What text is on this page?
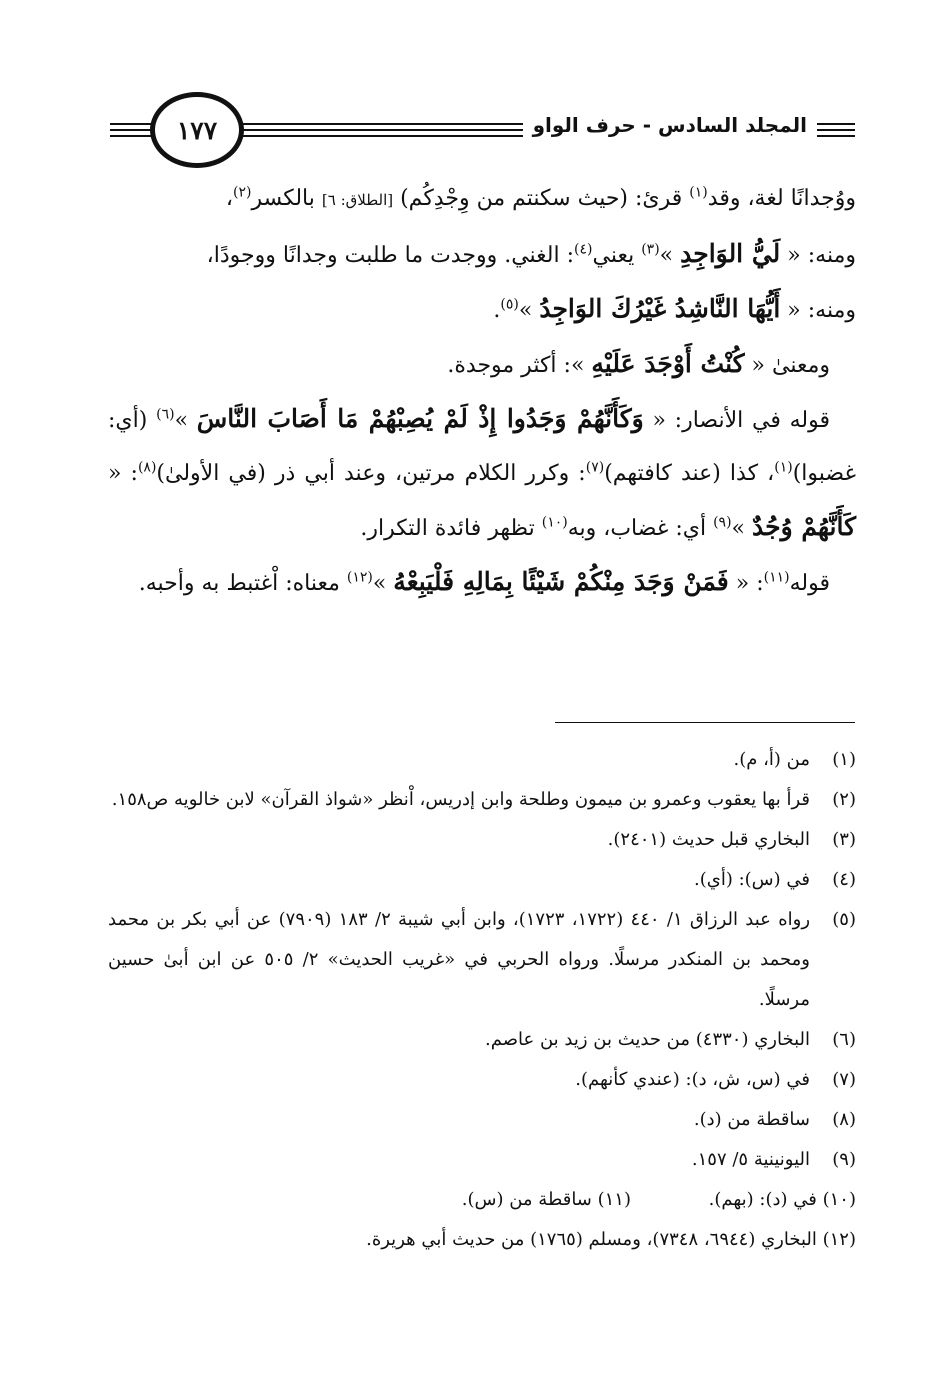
١٧٧	المجلد السادس - حرف الواو

ووُجدانًا لغة، وقد$^{(١)}$ قرئ: (حيث سكنتم من وِجْدِكُم) [الطلاق: ٦] بالكسر$^{(٢)}$،

ومنه: « لَيُّ الوَاجِدِ »$^{(٣)}$ يعني$^{(٤)}$: الغني. ووجدت ما طلبت وجدانًا ووجودًا،

ومنه: « أَيُّهَا النَّاشِدُ غَيْرُكَ الوَاجِدُ »$^{(٥)}$.

ومعنىٰ « كُنْتُ أَوْجَدَ عَلَيْهِ »: أكثر موجدة.

قوله في الأنصار: « وَكَأَنَّهُمْ وَجَدُوا إِذْ لَمْ يُصِبْهُمْ مَا أَصَابَ النَّاسَ »$^{(٦)}$ (أي: غضبوا)$^{(١)}$، كذا (عند كافتهم)$^{(٧)}$: وكرر الكلام مرتين، وعند أبي ذر (في الأولىٰ)$^{(٨)}$: « كَأَنَّهُمْ وُجُدٌ »$^{(٩)}$ أي: غضاب، وبه$^{(١٠)}$ تظهر فائدة التكرار.

قوله$^{(١١)}$: « فَمَنْ وَجَدَ مِنْكُمْ شَيْئًا بِمَالِهِ فَلْيَبِعْهُ »$^{(١٢)}$ معناه: اْغتبط به وأحبه.

(١)
من (أ، م).
(٢)
قرأ بها يعقوب وعمرو بن ميمون وطلحة وابن إدريس، اْنظر «شواذ القرآن» لابن خالويه ص١٥٨.
(٣)
البخاري قبل حديث (٢٤٠١).
(٤)
في (س): (أي).
(٥)
رواه عبد الرزاق ١/ ٤٤٠ (١٧٢٢، ١٧٢٣)، وابن أبي شيبة ٢/ ١٨٣ (٧٩٠٩) عن أبي بكر بن محمد ومحمد بن المنكدر مرسلًا. ورواه الحربي في «غريب الحديث» ٢/ ٥٠٥ عن ابن أبىٰ حسين مرسلًا.
(٦)
البخاري (٤٣٣٠) من حديث بن زيد بن عاصم.
(٧)
في (س، ش، د): (عندي كأنهم).
(٨)
ساقطة من (د).
(٩)
اليونينية ٥/ ١٥٧.
(١٠) في (د): (بهم).
(١١) ساقطة من (س).
(١٢) البخاري (٦٩٤٤، ٧٣٤٨)، ومسلم (١٧٦٥) من حديث أبي هريرة.
